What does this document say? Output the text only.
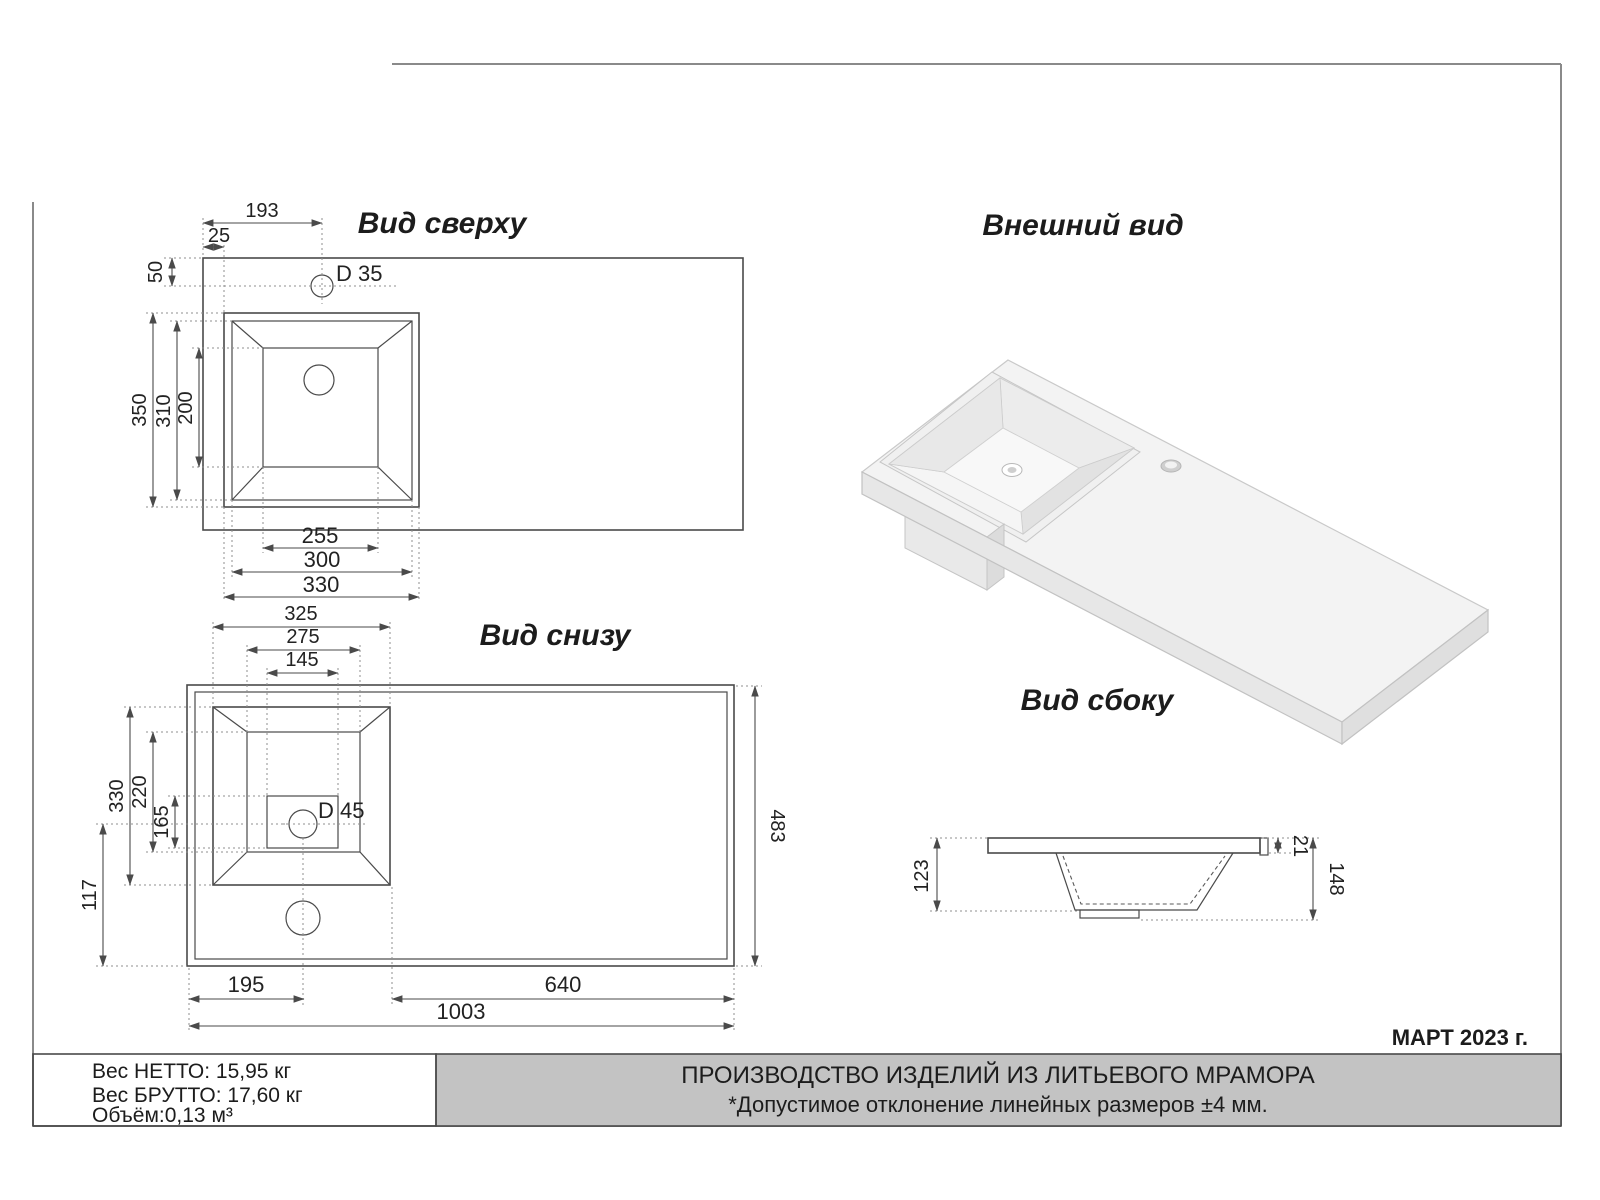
Вид сверху
193
25
50
350 310 200
255
300
330
D 35
Вид снизу
325
275
145
330 220
165
117
483
195	640
1003
D 45
Внешний вид
Вид сбоку
123
21
148
МАРТ 2023 г.
Вес НЕТТО: 15,95 кг
Вес БРУТТО: 17,60 кг
Объём:0,13 м³
ПРОИЗВОДСТВО ИЗДЕЛИЙ ИЗ ЛИТЬЕВОГО МРАМОРА
*Допустимое отклонение линейных размеров ±4 мм.
